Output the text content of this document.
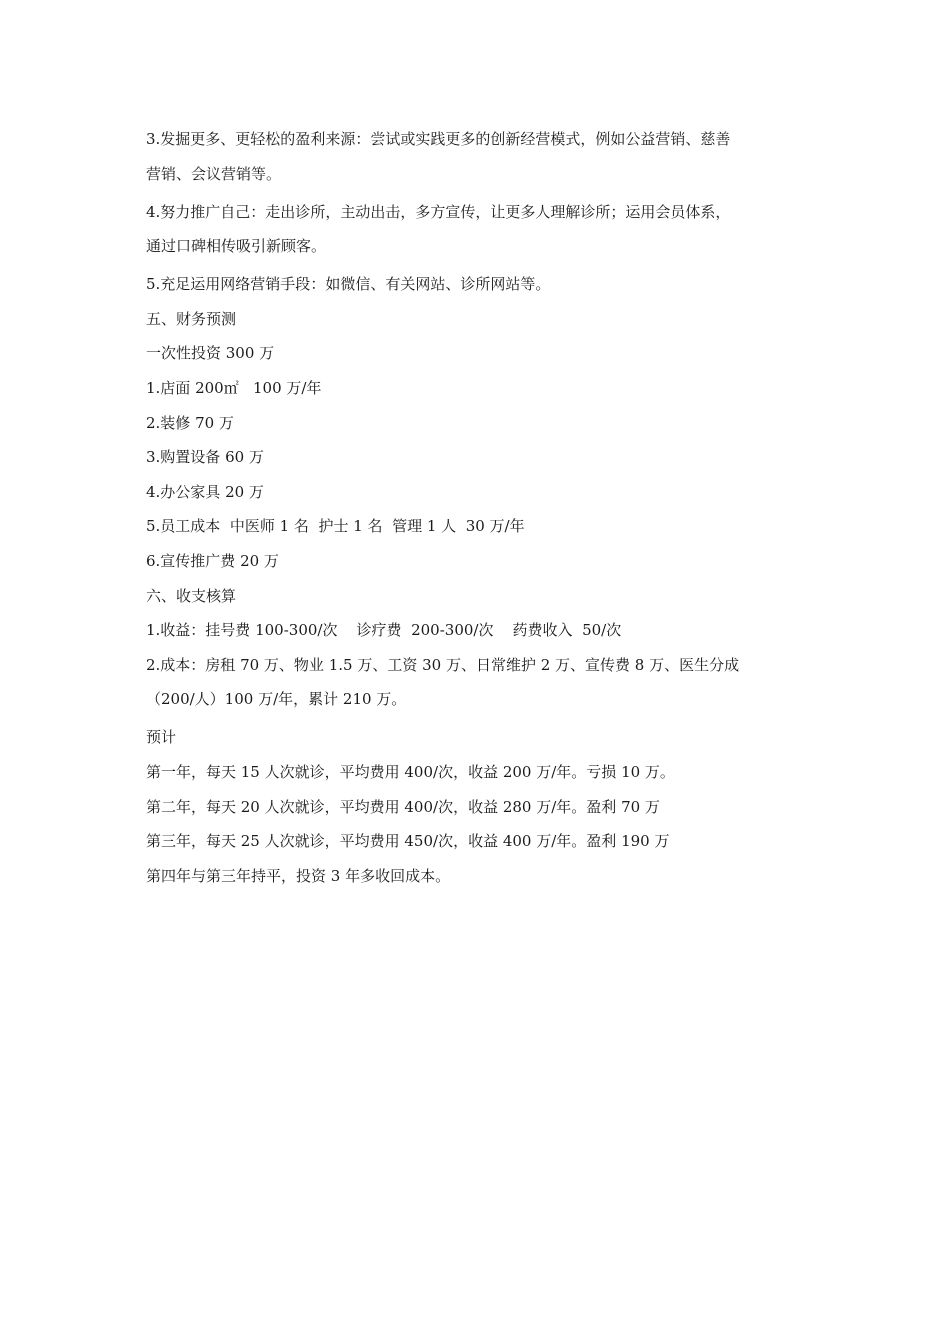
3.发掘更多、更轻松的盈利来源：尝试或实践更多的创新经营模式，例如公益营销、慈善
营销、会议营销等。
4.努力推广自己：走出诊所，主动出击，多方宣传，让更多人理解诊所；运用会员体系，
通过口碑相传吸引新顾客。
5.充足运用网络营销手段：如微信、有关网站、诊所网站等。
五、财务预测
一次性投资 300 万
1.店面 200㎡   100 万/年
2.装修 70 万
3.购置设备 60 万
4.办公家具 20 万
5.员工成本  中医师 1 名  护士 1 名  管理 1 人  30 万/年
6.宣传推广费 20 万
六、收支核算
1.收益：挂号费 100-300/次    诊疗费  200-300/次    药费收入  50/次
2.成本：房租 70 万、物业 1.5 万、工资 30 万、日常维护 2 万、宣传费 8 万、医生分成
（200/人）100 万/年，累计 210 万。
预计
第一年，每天 15 人次就诊，平均费用 400/次，收益 200 万/年。亏损 10 万。
第二年，每天 20 人次就诊，平均费用 400/次，收益 280 万/年。盈利 70 万
第三年，每天 25 人次就诊，平均费用 450/次，收益 400 万/年。盈利 190 万
第四年与第三年持平，投资 3 年多收回成本。
